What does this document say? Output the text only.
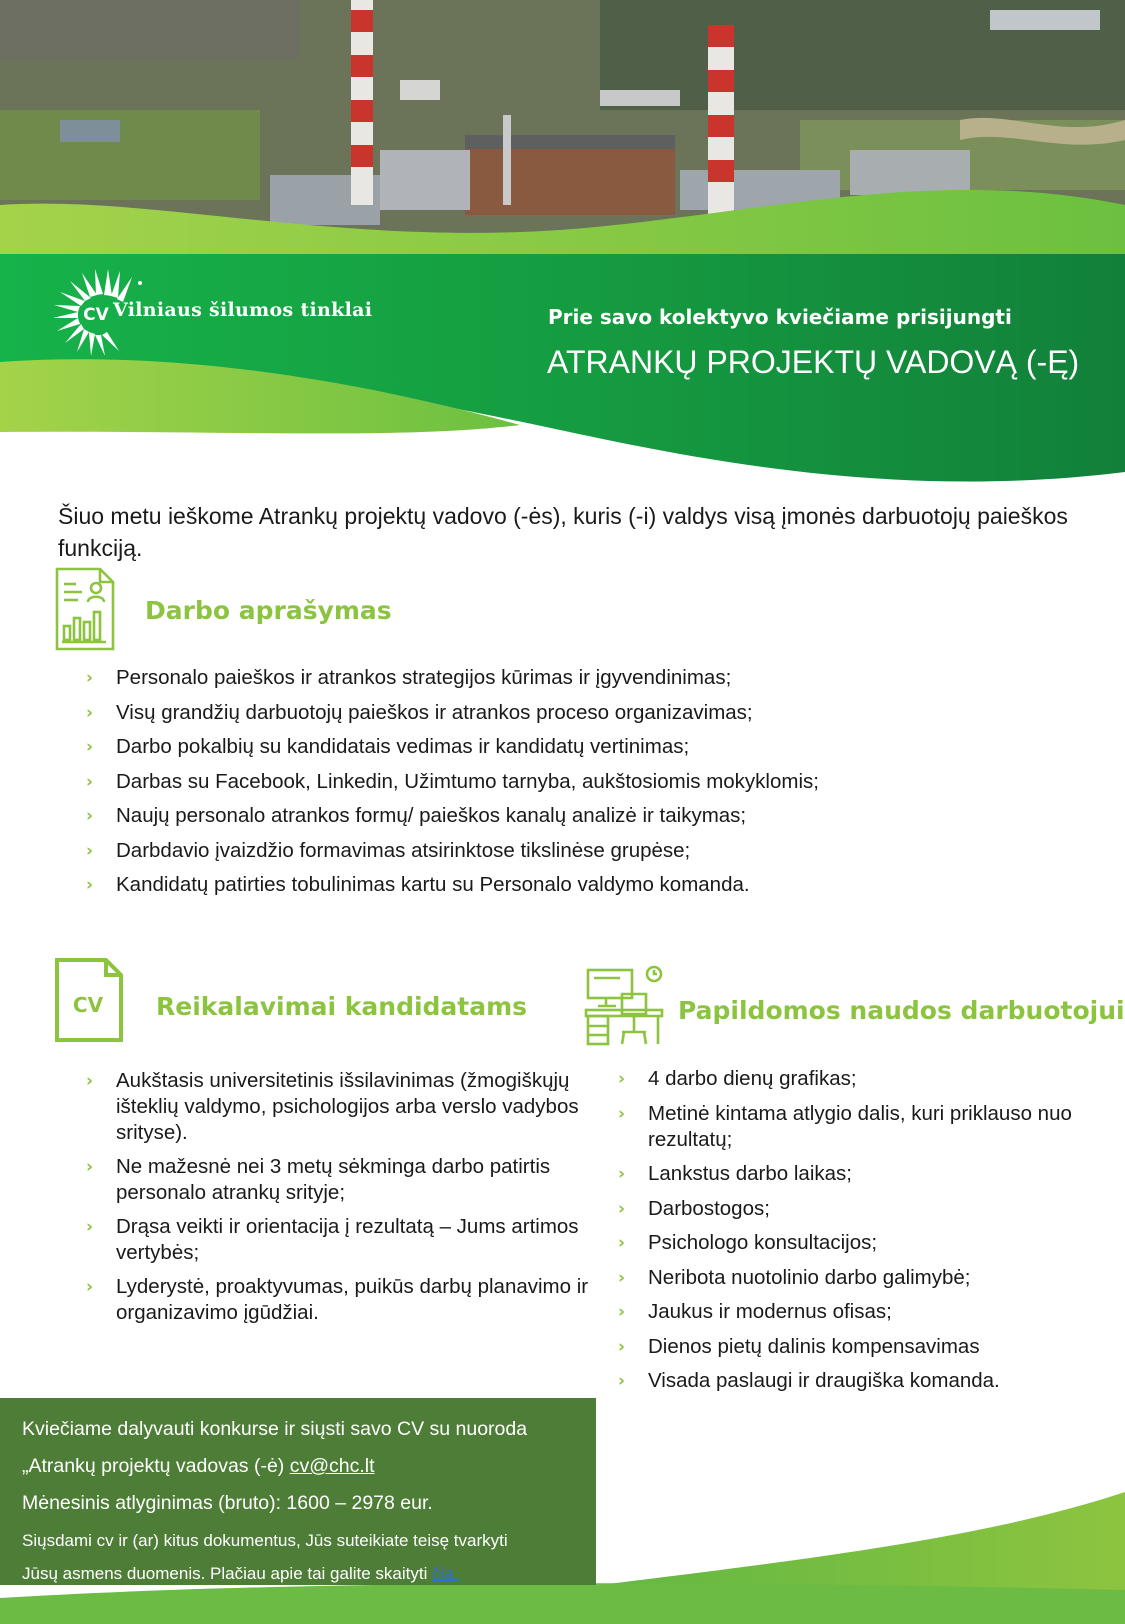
CV Vilniaus šilumos tinklai	Prie savo kolektyvo kviečiame prisijungti
ATRANKŲ PROJEKTŲ VADOVĄ (-Ę)
Šiuo metu ieškome Atrankų projektų vadovo (-ės), kuris (-i) valdys visą įmonės darbuotojų paieškos funkciją.
Darbo aprašymas
› Personalo paieškos ir atrankos strategijos kūrimas ir įgyvendinimas;
› Visų grandžių darbuotojų paieškos ir atrankos proceso organizavimas;
› Darbo pokalbių su kandidatais vedimas ir kandidatų vertinimas;
› Darbas su Facebook, Linkedin, Užimtumo tarnyba, aukštosiomis mokyklomis;
› Naujų personalo atrankos formų/ paieškos kanalų analizė ir taikymas;
› Darbdavio įvaizdžio formavimas atsirinktose tikslinėse grupėse;
› Kandidatų patirties tobulinimas kartu su Personalo valdymo komanda.
CV Reikalavimai kandidatams
› Aukštasis universitetinis išsilavinimas (žmogiškųjų išteklių valdymo, psichologijos arba verslo vadybos srityse).
› Ne mažesnė nei 3 metų sėkminga darbo patirtis personalo atrankų srityje;
› Drąsa veikti ir orientacija į rezultatą – Jums artimos vertybės;
› Lyderystė, proaktyvumas, puikūs darbų planavimo ir organizavimo įgūdžiai.
Papildomos naudos darbuotojui
› 4 darbo dienų grafikas;
› Metinė kintama atlygio dalis, kuri priklauso nuo rezultatų;
› Lankstus darbo laikas;
› Darbostogos;
› Psichologo konsultacijos;
› Neribota nuotolinio darbo galimybė;
› Jaukus ir modernus ofisas;
› Dienos pietų dalinis kompensavimas
› Visada paslaugi ir draugiška komanda.
Kviečiame dalyvauti konkurse ir siųsti savo CV su nuoroda
„Atrankų projektų vadovas (-ė) cv@chc.lt
Mėnesinis atlyginimas (bruto): 1600 – 2978 eur.
Siųsdami cv ir (ar) kitus dokumentus, Jūs suteikiate teisę tvarkyti
Jūsų asmens duomenis. Plačiau apie tai galite skaityti čia.
